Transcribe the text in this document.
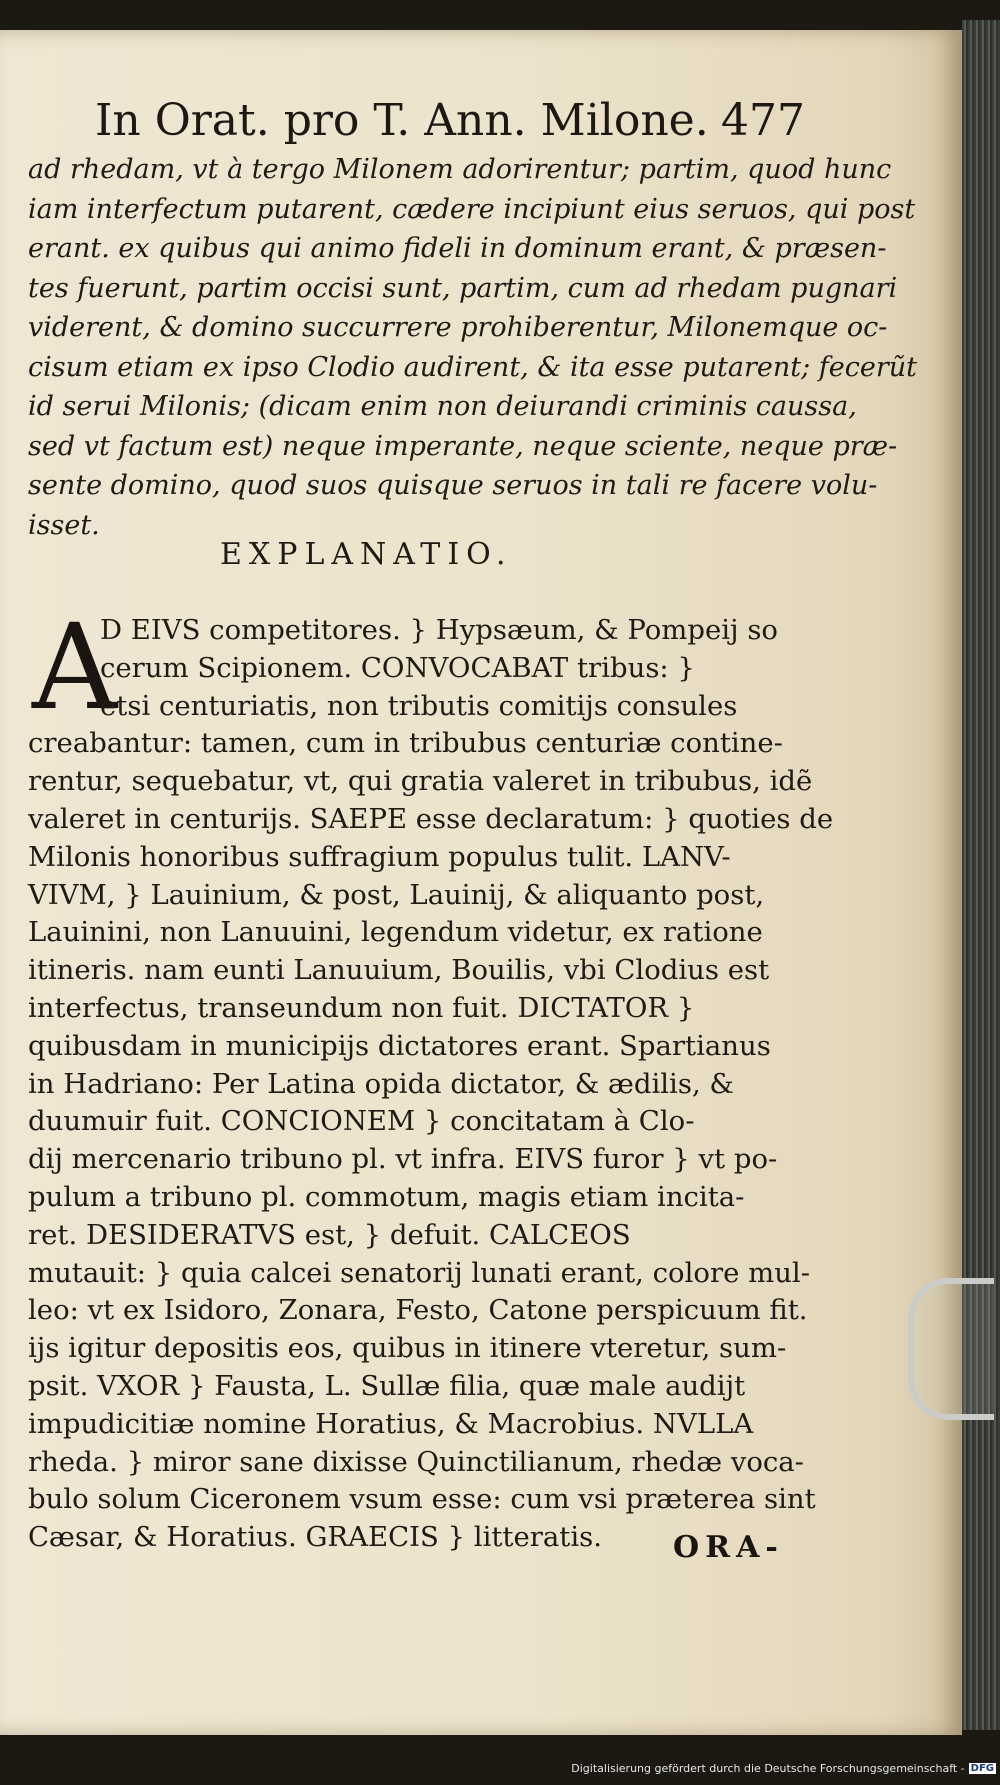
In Orat. pro T. Ann. Milone. 477
ad rhedam, vt à tergo Milonem adorirentur; partim, quod hunc
iam interfectum putarent, cædere incipiunt eius seruos, qui post
erant. ex quibus qui animo fideli in dominum erant, & præsen-
tes fuerunt, partim occisi sunt, partim, cum ad rhedam pugnari
viderent, & domino succurrere prohiberentur, Milonemque oc-
cisum etiam ex ipso Clodio audirent, & ita esse putarent; fecerũt
id serui Milonis; (dicam enim non deiurandi criminis caussa,
sed vt factum est) neque imperante, neque sciente, neque præ-
sente domino, quod suos quisque seruos in tali re facere volu-
isset.
EXPLANATIO.
A
D EIVS competitores. } Hypsæum, & Pompeij so
cerum Scipionem. CONVOCABAT tribus: }
etsi centuriatis, non tributis comitijs consules
creabantur: tamen, cum in tribubus centuriæ contine-
rentur, sequebatur, vt, qui gratia valeret in tribubus, idẽ
valeret in centurijs. SAEPE esse declaratum: } quoties de
Milonis honoribus suffragium populus tulit. LANV-
VIVM, } Lauinium, & post, Lauinij, & aliquanto post,
Lauinini, non Lanuuini, legendum videtur, ex ratione
itineris. nam eunti Lanuuium, Bouilis, vbi Clodius est
interfectus, transeundum non fuit. DICTATOR }
quibusdam in municipijs dictatores erant. Spartianus
in Hadriano: Per Latina opida dictator, & ædilis, &
duumuir fuit. CONCIONEM } concitatam à Clo-
dij mercenario tribuno pl. vt infra. EIVS furor } vt po-
pulum a tribuno pl. commotum, magis etiam incita-
ret. DESIDERATVS est, } defuit. CALCEOS
mutauit: } quia calcei senatorij lunati erant, colore mul-
leo: vt ex Isidoro, Zonara, Festo, Catone perspicuum fit.
ijs igitur depositis eos, quibus in itinere vteretur, sum-
psit. VXOR } Fausta, L. Sullæ filia, quæ male audijt
impudicitiæ nomine Horatius, & Macrobius. NVLLA
rheda. } miror sane dixisse Quinctilianum, rhedæ voca-
bulo solum Ciceronem vsum esse: cum vsi præterea sint
Cæsar, & Horatius. GRAECIS } litteratis.	ORA-
Digitalisierung gefördert durch die Deutsche Forschungsgemeinschaft - DFG
